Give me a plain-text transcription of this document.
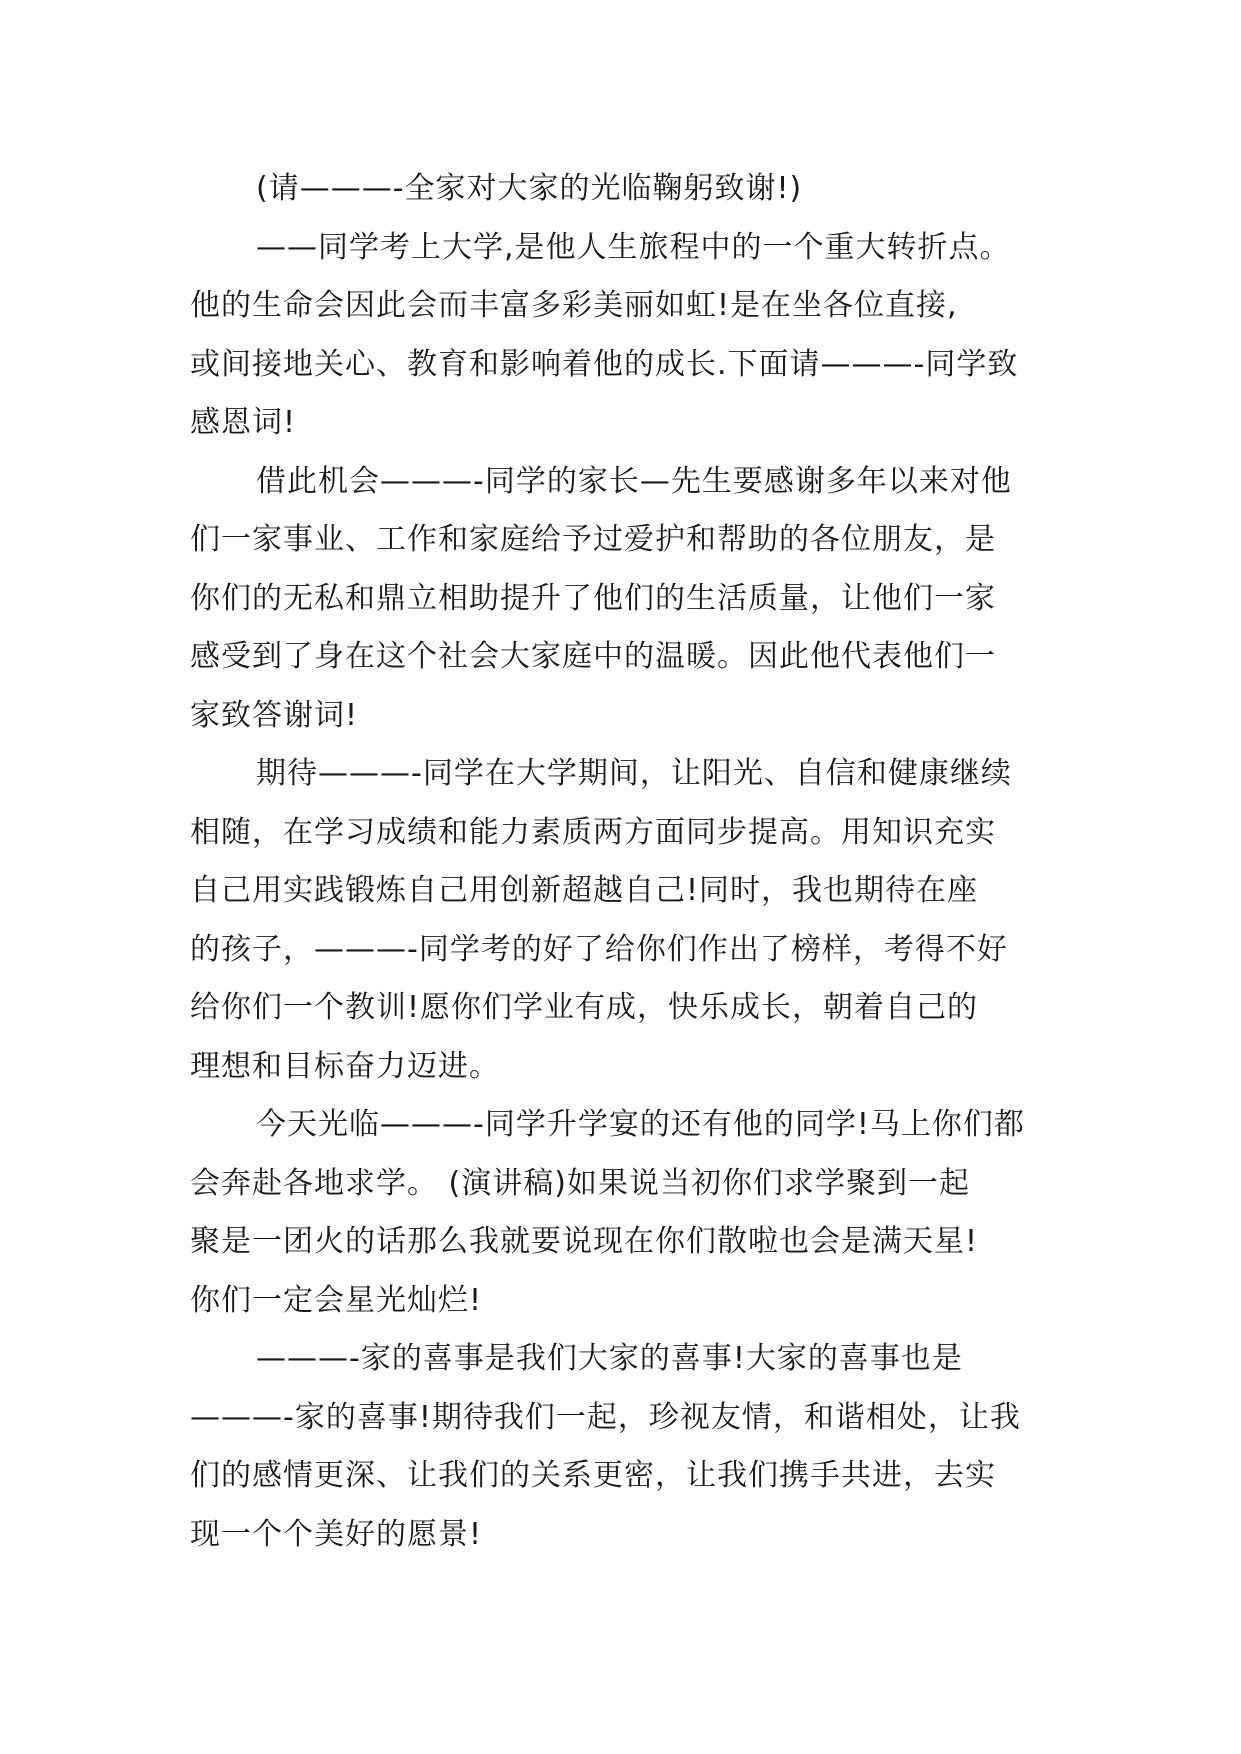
(请———-全家对大家的光临鞠躬致谢!)
——同学考上大学,是他人生旅程中的一个重大转折点。
他的生命会因此会而丰富多彩美丽如虹!是在坐各位直接,
或间接地关心、教育和影响着他的成长.下面请———-同学致
感恩词!
借此机会———-同学的家长—先生要感谢多年以来对他
们一家事业、工作和家庭给予过爱护和帮助的各位朋友，是
你们的无私和鼎立相助提升了他们的生活质量，让他们一家
感受到了身在这个社会大家庭中的温暖。因此他代表他们一
家致答谢词!
期待———-同学在大学期间，让阳光、自信和健康继续
相随，在学习成绩和能力素质两方面同步提高。用知识充实
自己用实践锻炼自己用创新超越自己!同时，我也期待在座
的孩子，———-同学考的好了给你们作出了榜样，考得不好
给你们一个教训!愿你们学业有成，快乐成长，朝着自己的
理想和目标奋力迈进。
今天光临———-同学升学宴的还有他的同学!马上你们都
会奔赴各地求学。 (演讲稿)如果说当初你们求学聚到一起
聚是一团火的话那么我就要说现在你们散啦也会是满天星!
你们一定会星光灿烂!
———-家的喜事是我们大家的喜事!大家的喜事也是
———-家的喜事!期待我们一起，珍视友情，和谐相处，让我
们的感情更深、让我们的关系更密，让我们携手共进，去实
现一个个美好的愿景!
